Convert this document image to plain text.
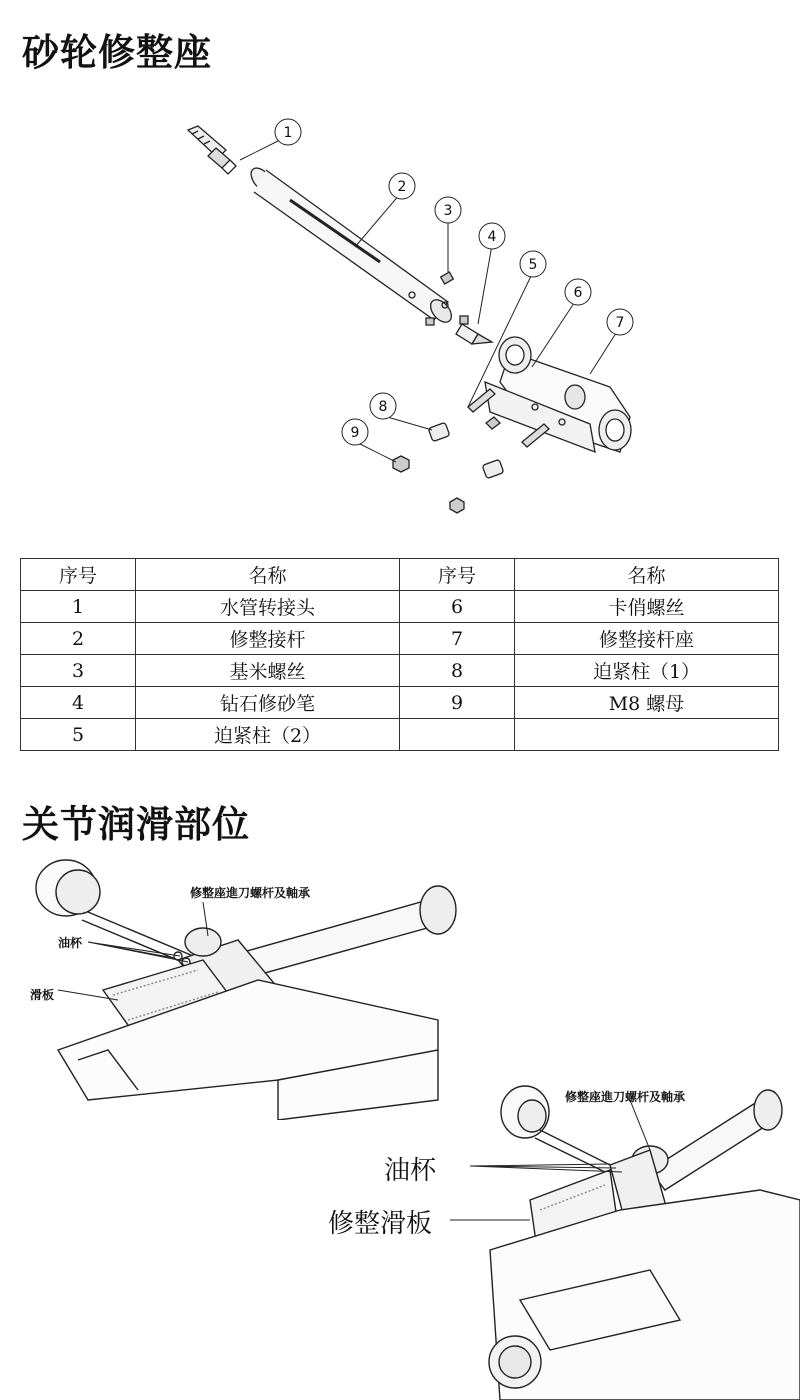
砂轮修整座
1
2
3
4
5
6
7
8
9
序号	名称	序号	名称
1	水管转接头	6	卡俏螺丝
2	修整接杆	7	修整接杆座
3	基米螺丝	8	迫紧柱（1）
4	钻石修砂笔	9	M8 螺母
5	迫紧柱（2）		
关节润滑部位
修整座進刀螺杆及軸承
油杯
滑板
修整座進刀螺杆及軸承
油杯
修整滑板
